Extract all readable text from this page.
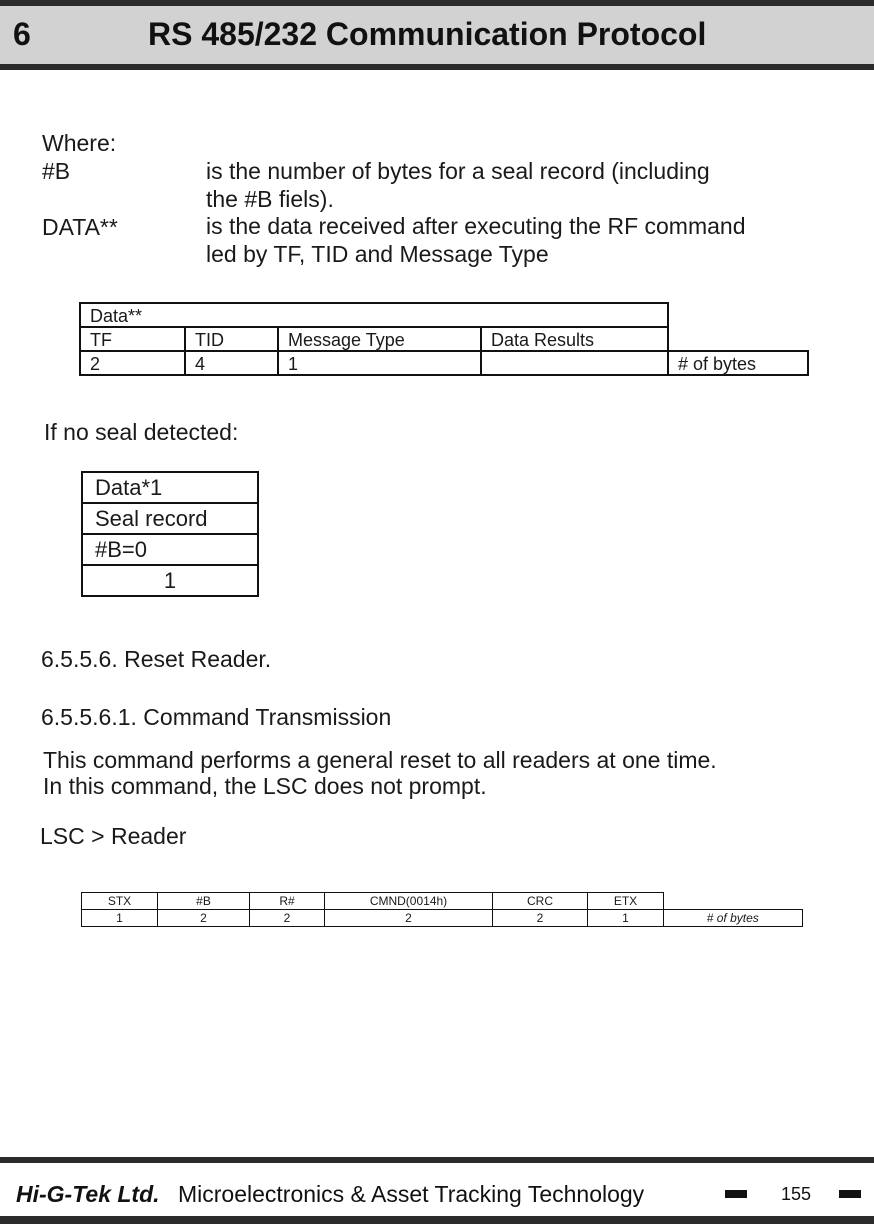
6	RS 485/232 Communication Protocol
Where:
#B	is the number of bytes for a seal record (including
the #B fiels).
DATA**	is the data received after executing the RF command
led by TF, TID and Message Type
Data**				
TF	TID	Message Type	Data Results	
2	4	1		# of bytes
If no seal detected:
Data*1
Seal record
#B=0
1
6.5.5.6. Reset Reader.
6.5.5.6.1. Command Transmission
This command performs a general reset to all readers at one time.
In this command, the LSC does not prompt.
LSC > Reader
STX	#B	R#	CMND(0014h)	CRC	ETX	
1	2	2	2	2	1	# of bytes
Hi-G-Tek Ltd. Microelectronics & Asset Tracking Technology	155
